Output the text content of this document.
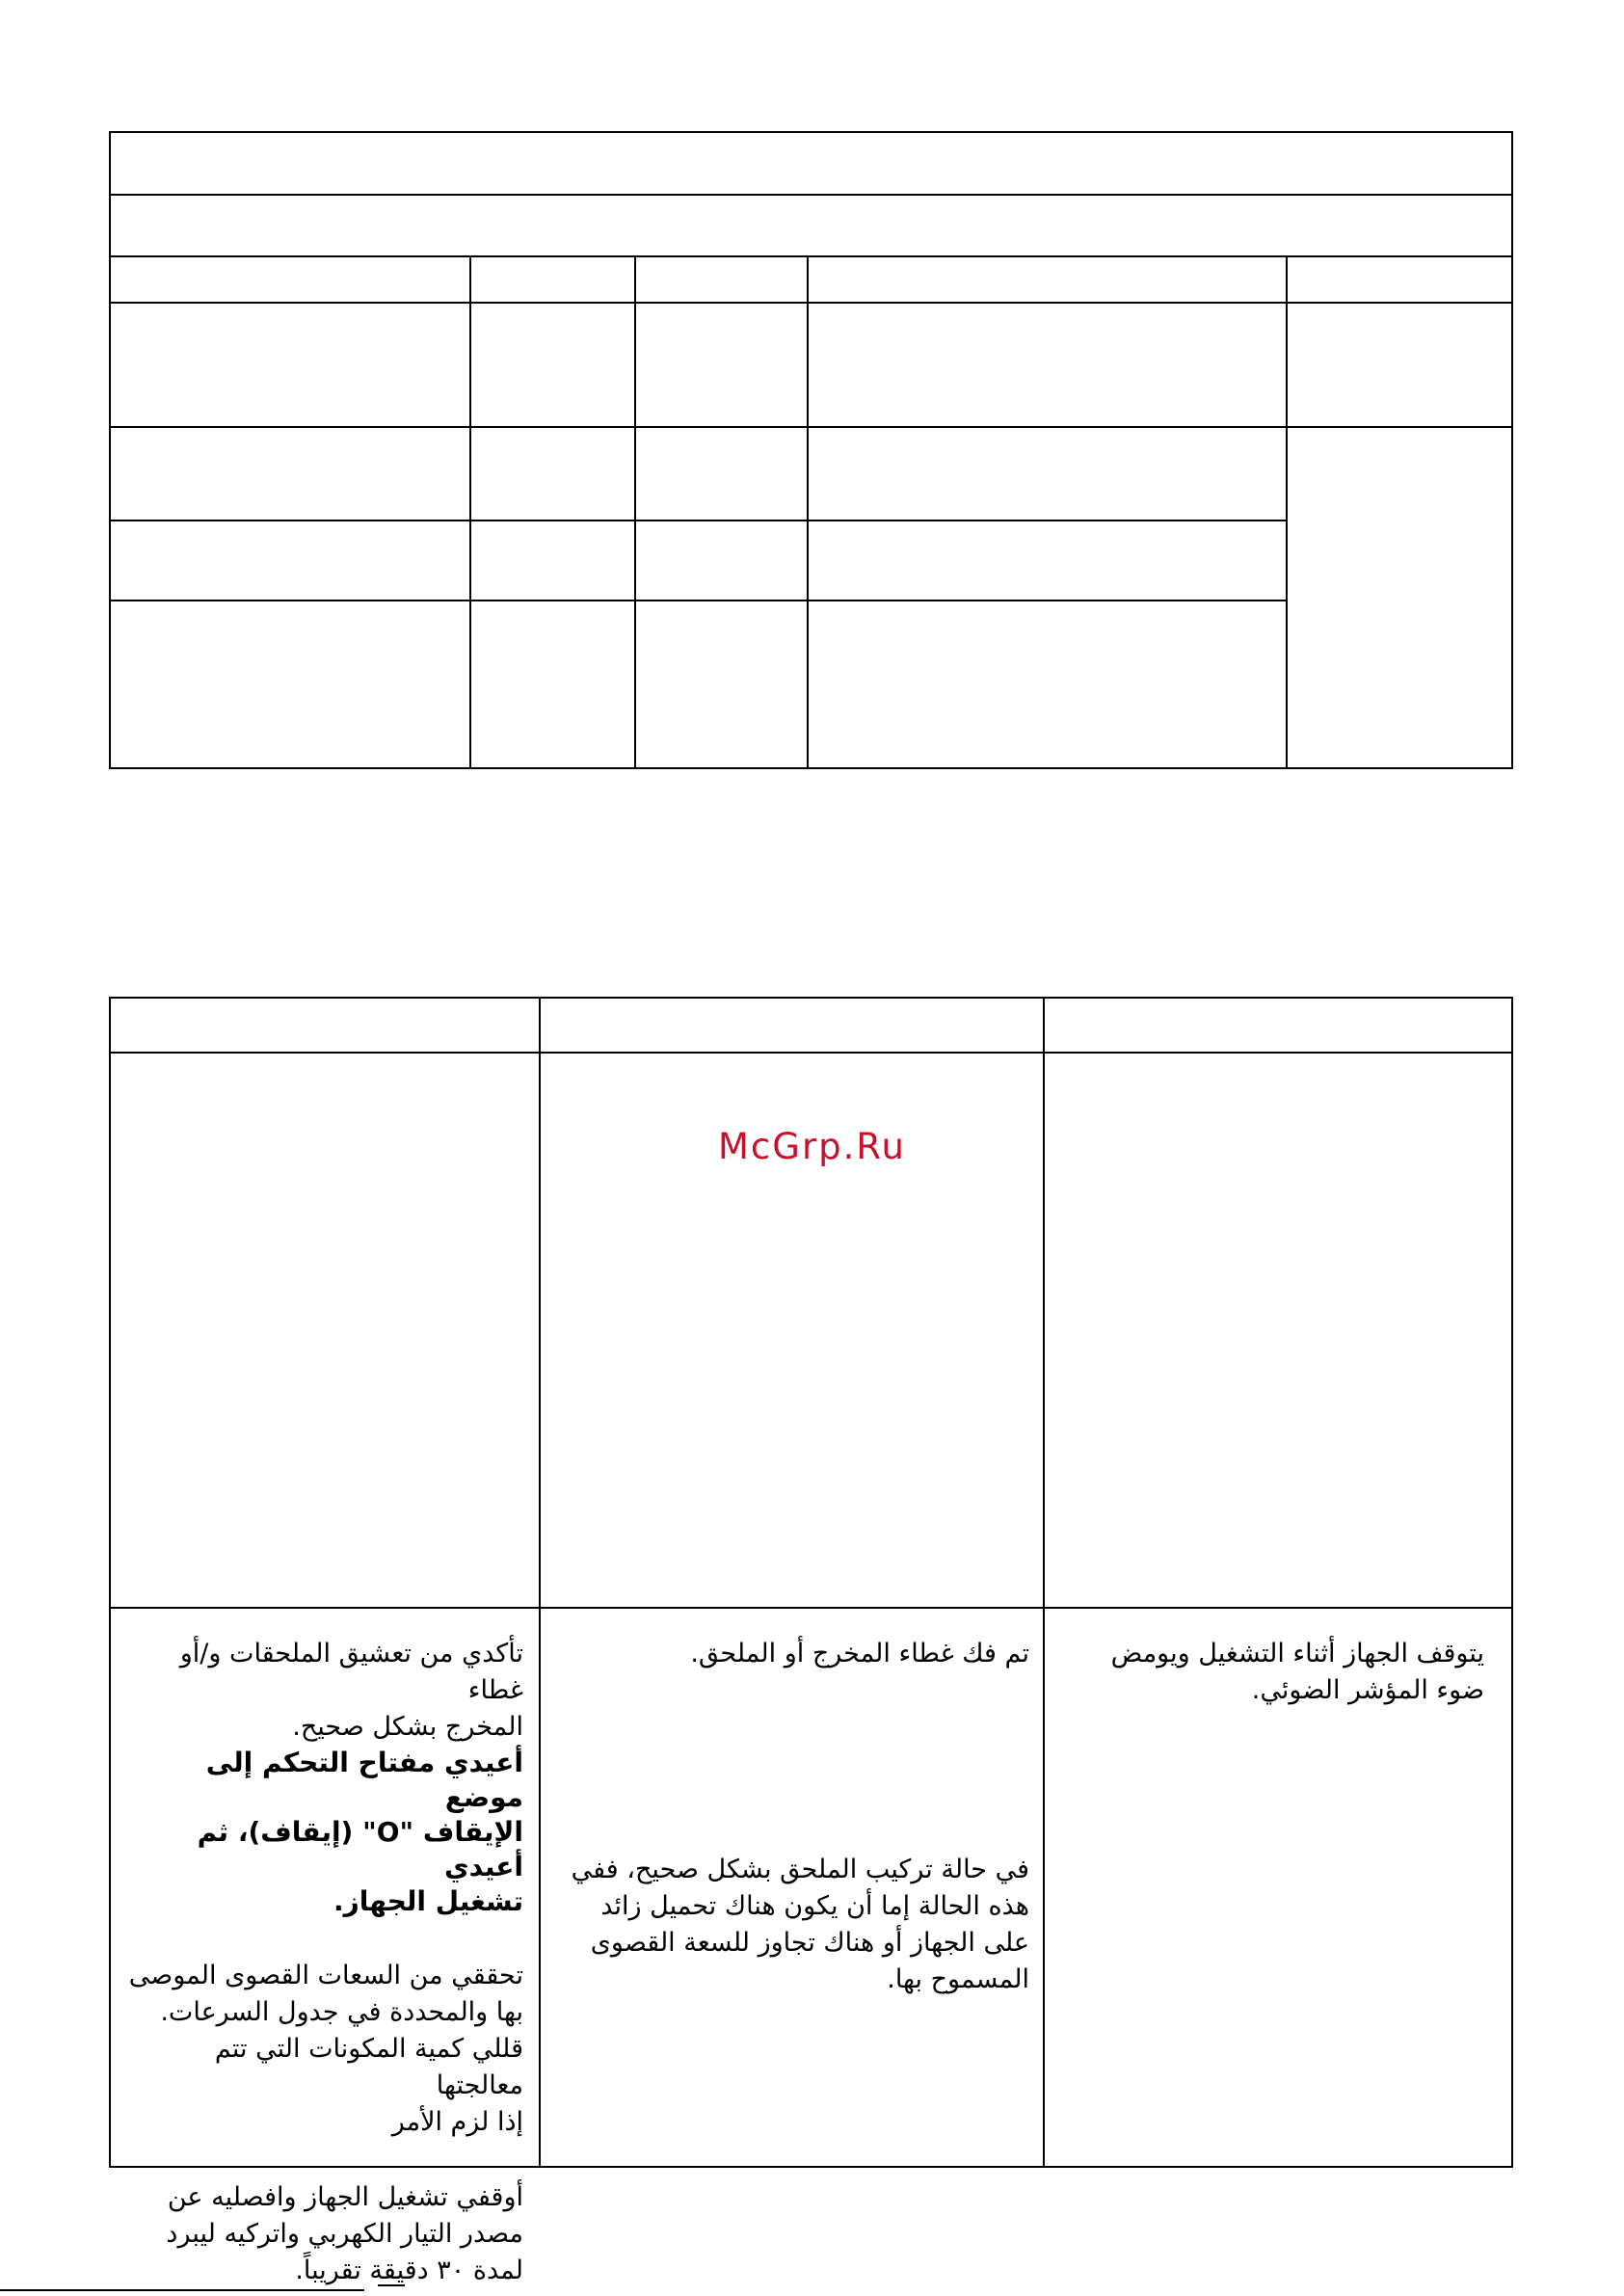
McGrp.Ru

يتوقف الجهاز أثناء التشغيل ويومض

ضوء المؤشر الضوئي.

تم فك غطاء المخرج أو الملحق.

في حالة تركيب الملحق بشكل صحيح، ففي

هذه الحالة إما أن يكون هناك تحميل زائد

على الجهاز أو هناك تجاوز للسعة القصوى

المسموح بها.

تأكدي من تعشيق الملحقات و/أو غطاء

المخرج بشكل صحيح.

أعيدي مفتاح التحكم إلى موضع

الإيقاف "O" (إيقاف)، ثم أعيدي

تشغيل الجهاز.

تحققي من السعات القصوى الموصى

بها والمحددة في جدول السرعات.

قللي كمية المكونات التي تتم معالجتها

إذا لزم الأمر

أوقفي تشغيل الجهاز وافصليه عن

مصدر التيار الكهربي واتركيه ليبرد

لمدة ٣٠ دقيقة تقريباً.
